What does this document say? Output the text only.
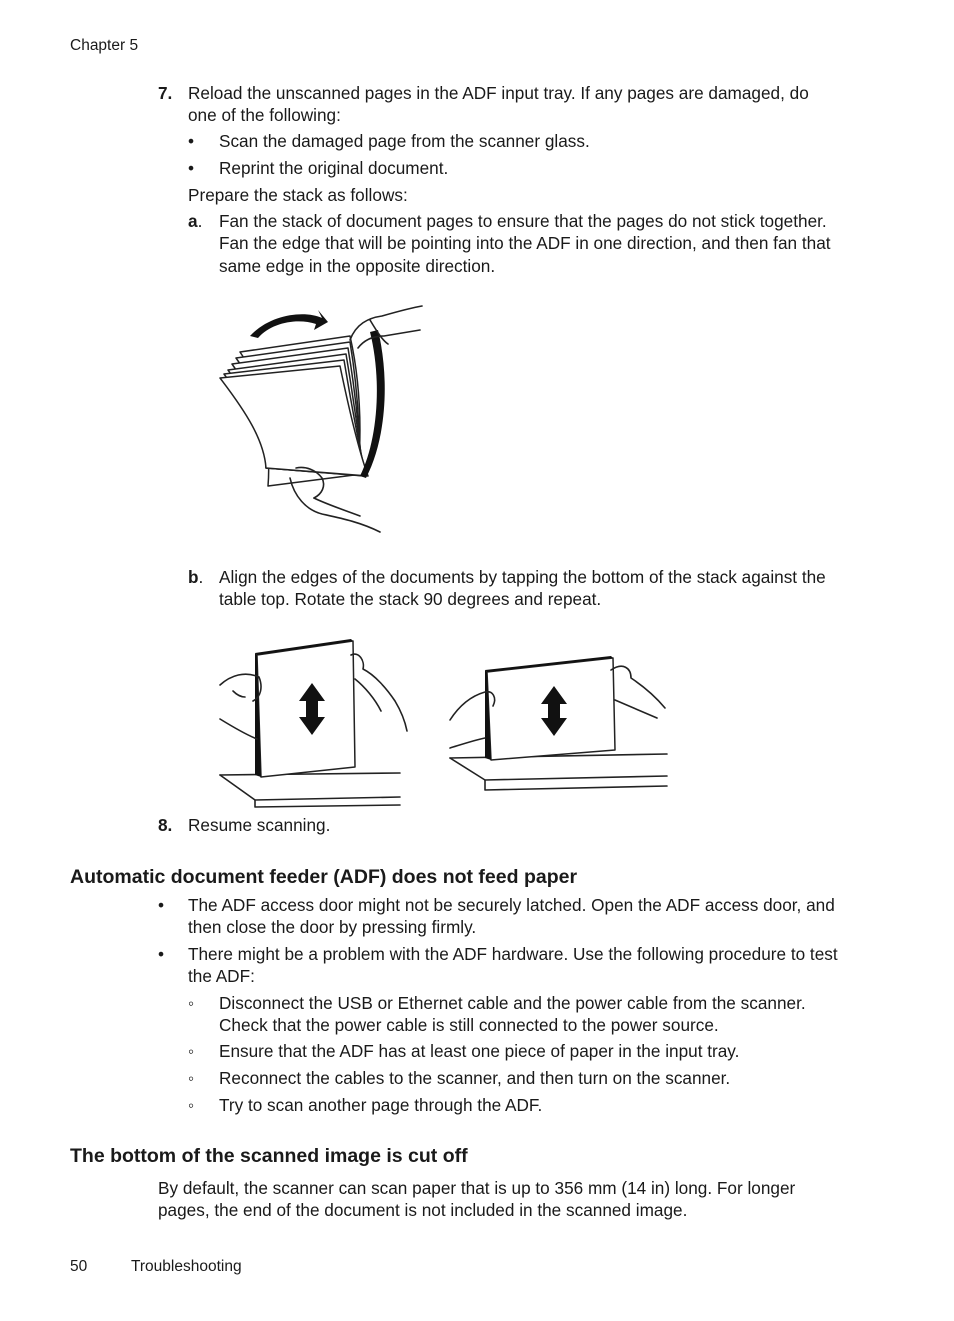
Chapter 5
7. Reload the unscanned pages in the ADF input tray. If any pages are damaged, do
one of the following:
• Scan the damaged page from the scanner glass.
• Reprint the original document.
Prepare the stack as follows:
a. Fan the stack of document pages to ensure that the pages do not stick together.
Fan the edge that will be pointing into the ADF in one direction, and then fan that
same edge in the opposite direction.
b. Align the edges of the documents by tapping the bottom of the stack against the
table top. Rotate the stack 90 degrees and repeat.
8. Resume scanning.
Automatic document feeder (ADF) does not feed paper
• The ADF access door might not be securely latched. Open the ADF access door, and
then close the door by pressing firmly.
• There might be a problem with the ADF hardware. Use the following procedure to test
the ADF:
◦ Disconnect the USB or Ethernet cable and the power cable from the scanner.
Check that the power cable is still connected to the power source.
◦ Ensure that the ADF has at least one piece of paper in the input tray.
◦ Reconnect the cables to the scanner, and then turn on the scanner.
◦ Try to scan another page through the ADF.
The bottom of the scanned image is cut off
By default, the scanner can scan paper that is up to 356 mm (14 in) long. For longer
pages, the end of the document is not included in the scanned image.
50	Troubleshooting
